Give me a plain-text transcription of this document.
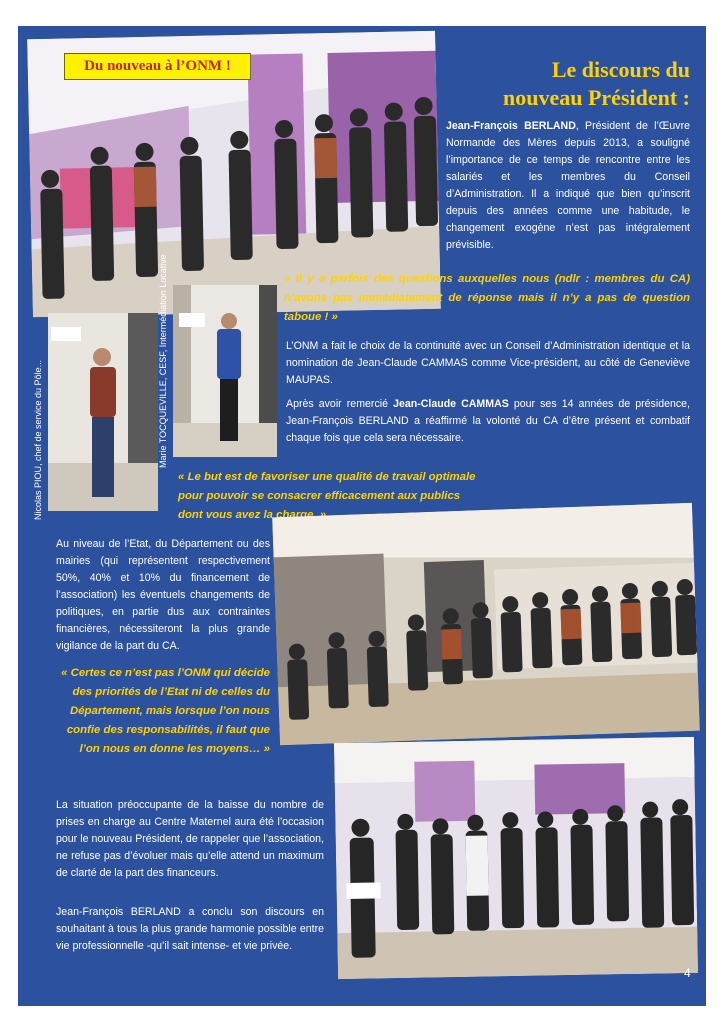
Du nouveau à l’ONM !	Le discours du
nouveau Président :

Jean-François BERLAND, Président de l’Œuvre Normande des Mères depuis 2013, a souligné l’importance de ce temps de rencontre entre les salariés et les membres du Conseil d’Administration. Il a indiqué que bien qu’inscrit depuis des années comme une habitude, le changement exogène n’est pas intégralement prévisible.

« Il y a parfois des questions auxquelles nous (ndlr : membres du CA) n’avons pas immédiatement de réponse mais il n’y a pas de question taboue ! »

Nicolas PIOU, chef de service du Pôle...	Marie TOCQUEVILLE, CESF, Intermédiation Locative	L’ONM a fait le choix de la continuité avec un Conseil d’Administration identique et la nomination de Jean-Claude CAMMAS comme Vice-président, au côté de Geneviève MAUPAS.

Après avoir remercié Jean-Claude CAMMAS pour ses 14 années de présidence, Jean-François BERLAND a réaffirmé la volonté du CA d’être présent et combatif chaque fois que cela sera nécessaire.

« Le but est de favoriser une qualité de travail optimale pour pouvoir se consacrer efficacement aux publics dont vous avez la charge. »

Au niveau de l’Etat, du Département ou des mairies (qui représentent respectivement 50%, 40% et 10% du financement de l’association) les éventuels changements de politiques, en partie dus aux contraintes financières, nécessiteront la plus grande vigilance de la part du CA.

« Certes ce n’est pas l’ONM qui décide des priorités de l’Etat ni de celles du Département, mais lorsque l’on nous confie des responsabilités, il faut que l’on nous en donne les moyens… »

La situation préoccupante de la baisse du nombre de prises en charge au Centre Maternel aura été l’occasion pour le nouveau Président, de rappeler que l’association, ne refuse pas d’évoluer mais qu’elle attend un maximum de clarté de la part des financeurs.

Jean-François BERLAND a conclu son discours en souhaitant à tous la plus grande harmonie possible entre vie professionnelle -qu’il sait intense- et vie privée.

4
